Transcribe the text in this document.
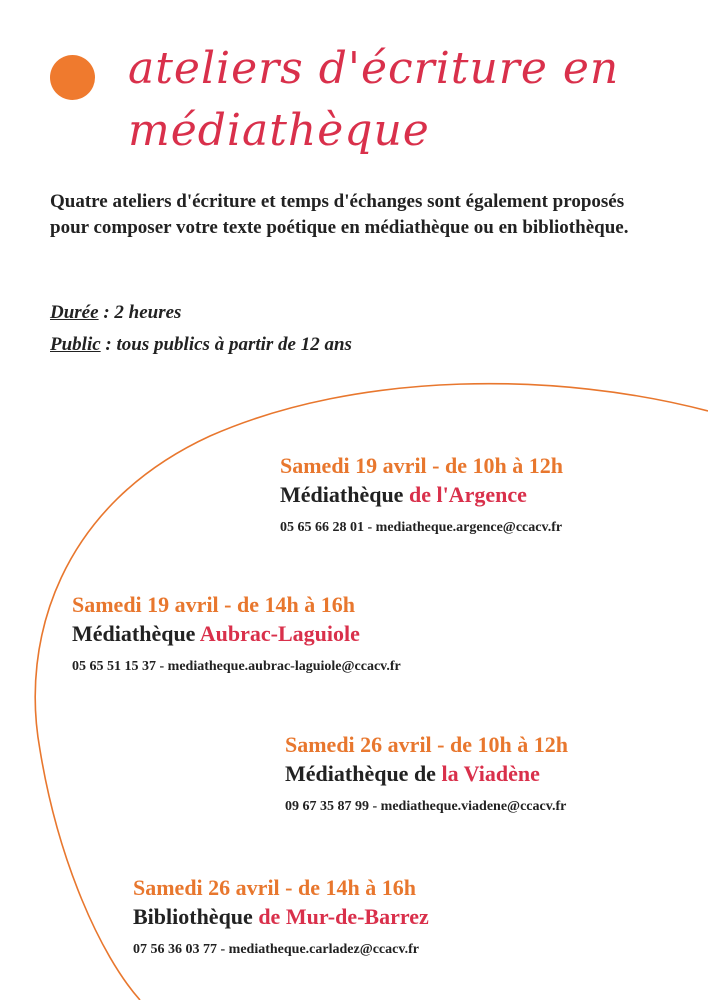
ateliers d'écriture en
médiathèque
Quatre ateliers d'écriture et temps d'échanges sont également proposés pour composer votre texte poétique en médiathèque ou en bibliothèque.
Durée : 2 heures
Public : tous publics à partir de 12 ans
Samedi 19 avril - de 10h à 12h
Médiathèque de l'Argence
05 65 66 28 01 - mediatheque.argence@ccacv.fr
Samedi 19 avril - de 14h à 16h
Médiathèque Aubrac-Laguiole
05 65 51 15 37 - mediatheque.aubrac-laguiole@ccacv.fr
Samedi 26 avril - de 10h à 12h
Médiathèque de la Viadène
09 67 35 87 99 - mediatheque.viadene@ccacv.fr
Samedi 26 avril - de 14h à 16h
Bibliothèque de Mur-de-Barrez
07 56 36 03 77 - mediatheque.carladez@ccacv.fr
